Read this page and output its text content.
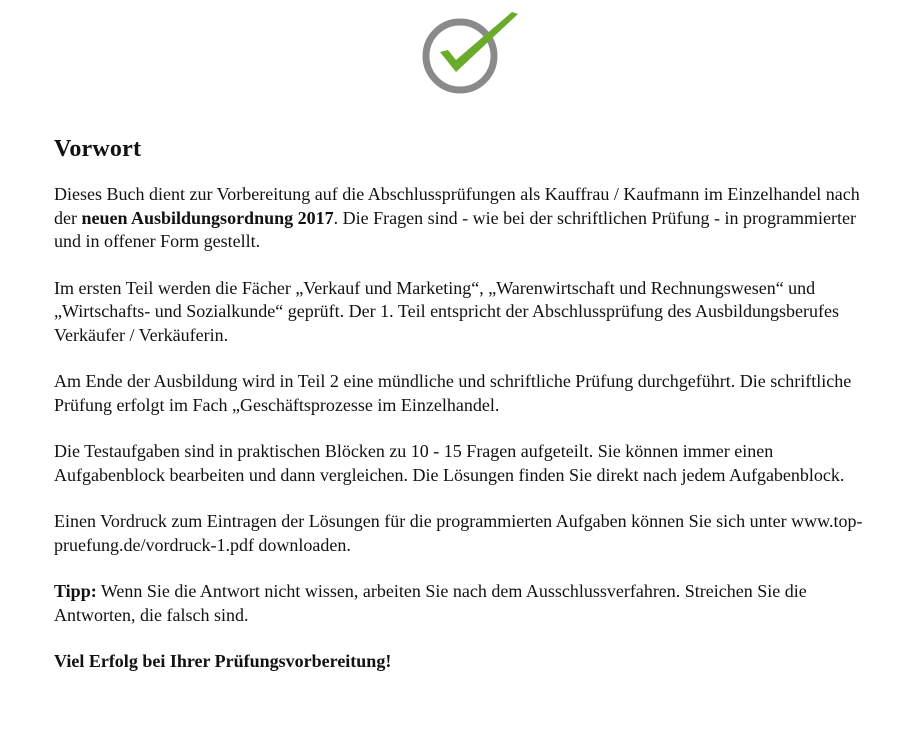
Vorwort

Dieses Buch dient zur Vorbereitung auf die Abschlussprüfungen als Kauffrau / Kaufmann im Einzelhandel nach der neuen Ausbildungsordnung 2017. Die Fragen sind - wie bei der schriftlichen Prüfung - in programmierter und in offener Form gestellt.

Im ersten Teil werden die Fächer „Verkauf und Marketing“, „Warenwirtschaft und Rechnungswesen“ und „Wirtschafts- und Sozialkunde“ geprüft. Der 1. Teil entspricht der Abschlussprüfung des Ausbildungsberufes Verkäufer / Verkäuferin.

Am Ende der Ausbildung wird in Teil 2 eine mündliche und schriftliche Prüfung durchgeführt. Die schriftliche Prüfung erfolgt im Fach „Geschäftsprozesse im Einzelhandel.

Die Testaufgaben sind in praktischen Blöcken zu 10 - 15 Fragen aufgeteilt. Sie können immer einen Aufgabenblock bearbeiten und dann vergleichen. Die Lösungen finden Sie direkt nach jedem Aufgabenblock.

Einen Vordruck zum Eintragen der Lösungen für die programmierten Aufgaben können Sie sich unter www.top-pruefung.de/vordruck-1.pdf downloaden.

Tipp: Wenn Sie die Antwort nicht wissen, arbeiten Sie nach dem Ausschlussverfahren. Streichen Sie die Antworten, die falsch sind.

Viel Erfolg bei Ihrer Prüfungsvorbereitung!
